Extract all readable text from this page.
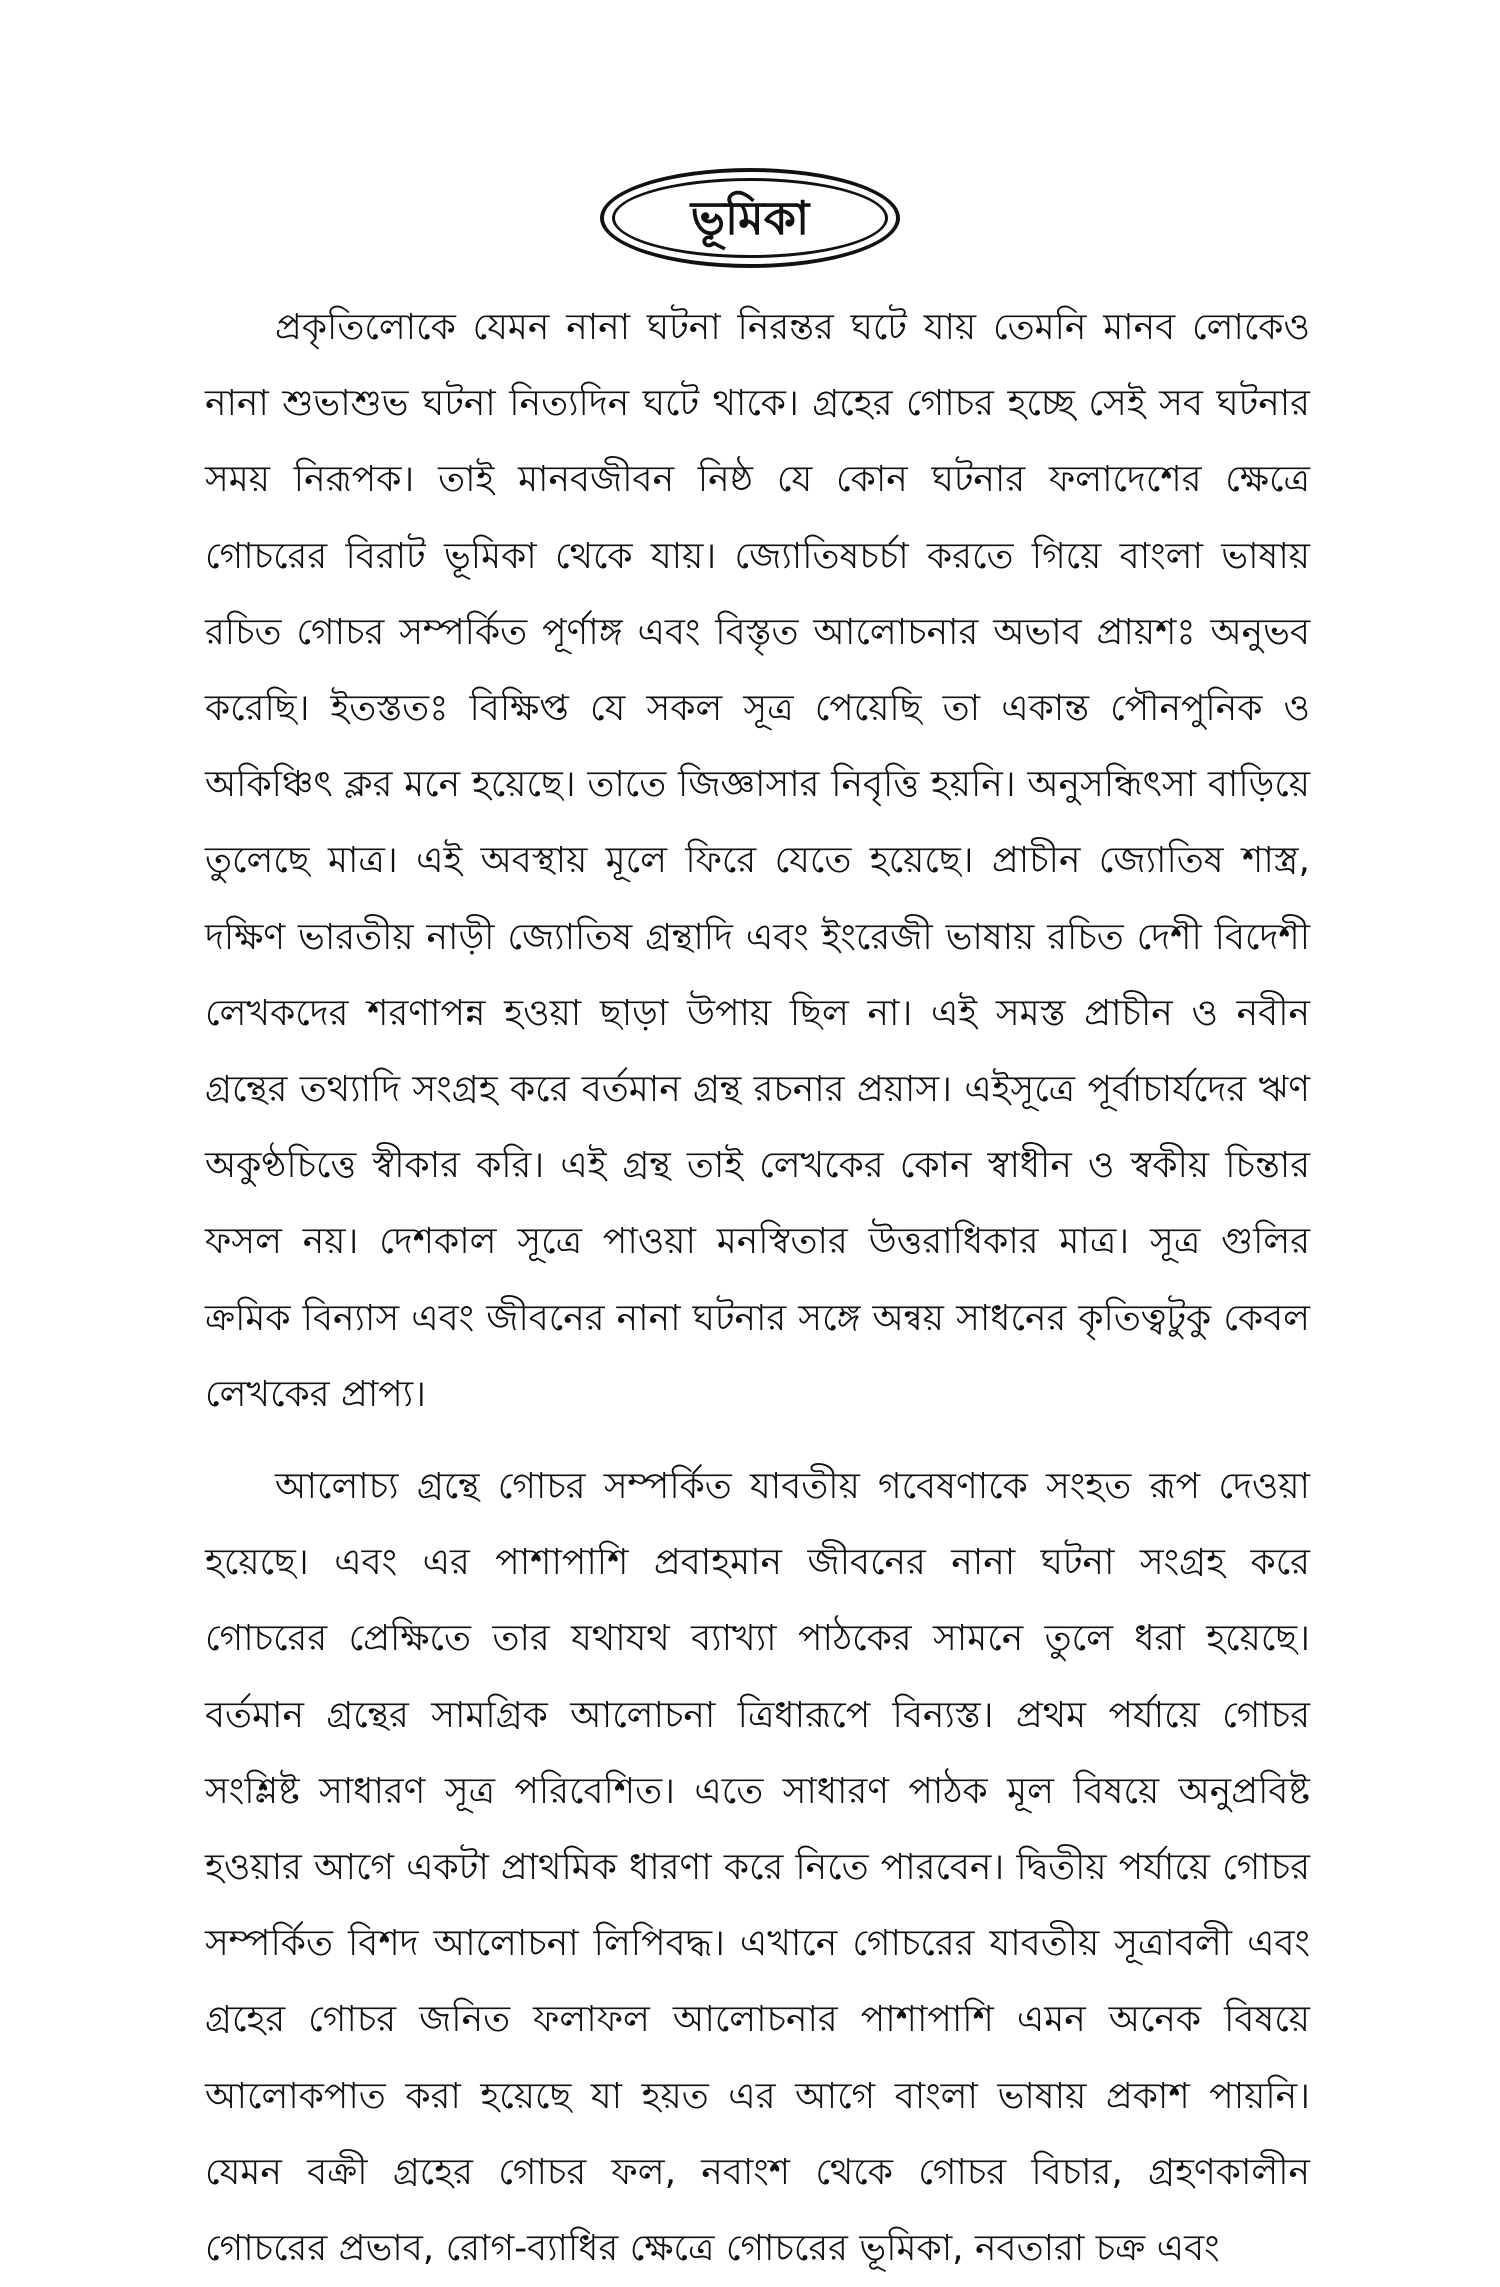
ভূমিকা

প্রকৃতিলোকে যেমন নানা ঘটনা নিরন্তর ঘটে যায় তেমনি মানব লোকেও নানা শুভাশুভ ঘটনা নিত্যদিন ঘটে থাকে। গ্রহের গোচর হচ্ছে সেই সব ঘটনার সময় নিরূপক। তাই মানবজীবন নিষ্ঠ যে কোন ঘটনার ফলাদেশের ক্ষেত্রে গোচরের বিরাট ভূমিকা থেকে যায়। জ্যোতিষচর্চা করতে গিয়ে বাংলা ভাষায় রচিত গোচর সম্পর্কিত পূর্ণাঙ্গ এবং বিস্তৃত আলোচনার অভাব প্রায়শঃ অনুভব করেছি। ইতস্ততঃ বিক্ষিপ্ত যে সকল সূত্র পেয়েছি তা একান্ত পৌনপুনিক ও অকিঞ্চিৎ ক্লর মনে হয়েছে। তাতে জিজ্ঞাসার নিবৃত্তি হয়নি। অনুসন্ধিৎসা বাড়িয়ে তুলেছে মাত্র। এই অবস্থায় মূলে ফিরে যেতে হয়েছে। প্রাচীন জ্যোতিষ শাস্ত্র, দক্ষিণ ভারতীয় নাড়ী জ্যোতিষ গ্রন্থাদি এবং ইংরেজী ভাষায় রচিত দেশী বিদেশী লেখকদের শরণাপন্ন হওয়া ছাড়া উপায় ছিল না। এই সমস্ত প্রাচীন ও নবীন গ্রন্থের তথ্যাদি সংগ্রহ করে বর্তমান গ্রন্থ রচনার প্রয়াস। এইসূত্রে পূর্বাচার্যদের ঋণ অকুণ্ঠচিত্তে স্বীকার করি। এই গ্রন্থ তাই লেখকের কোন স্বাধীন ও স্বকীয় চিন্তার ফসল নয়। দেশকাল সূত্রে পাওয়া মনস্বিতার উত্তরাধিকার মাত্র। সূত্র গুলির ক্রমিক বিন্যাস এবং জীবনের নানা ঘটনার সঙ্গে অন্বয় সাধনের কৃতিত্বটুকু কেবল লেখকের প্রাপ্য।

আলোচ্য গ্রন্থে গোচর সম্পর্কিত যাবতীয় গবেষণাকে সংহত রূপ দেওয়া হয়েছে। এবং এর পাশাপাশি প্রবাহমান জীবনের নানা ঘটনা সংগ্রহ করে গোচরের প্রেক্ষিতে তার যথাযথ ব্যাখ্যা পাঠকের সামনে তুলে ধরা হয়েছে। বর্তমান গ্রন্থের সামগ্রিক আলোচনা ত্রিধারূপে বিন্যস্ত। প্রথম পর্যায়ে গোচর সংশ্লিষ্ট সাধারণ সূত্র পরিবেশিত। এতে সাধারণ পাঠক মূল বিষয়ে অনুপ্রবিষ্ট হওয়ার আগে একটা প্রাথমিক ধারণা করে নিতে পারবেন। দ্বিতীয় পর্যায়ে গোচর সম্পর্কিত বিশদ আলোচনা লিপিবদ্ধ। এখানে গোচরের যাবতীয় সূত্রাবলী এবং গ্রহের গোচর জনিত ফলাফল আলোচনার পাশাপাশি এমন অনেক বিষয়ে আলোকপাত করা হয়েছে যা হয়ত এর আগে বাংলা ভাষায় প্রকাশ পায়নি। যেমন বক্রী গ্রহের গোচর ফল, নবাংশ থেকে গোচর বিচার, গ্রহণকালীন গোচরের প্রভাব, রোগ-ব্যাধির ক্ষেত্রে গোচরের ভূমিকা, নবতারা চক্র এবং
